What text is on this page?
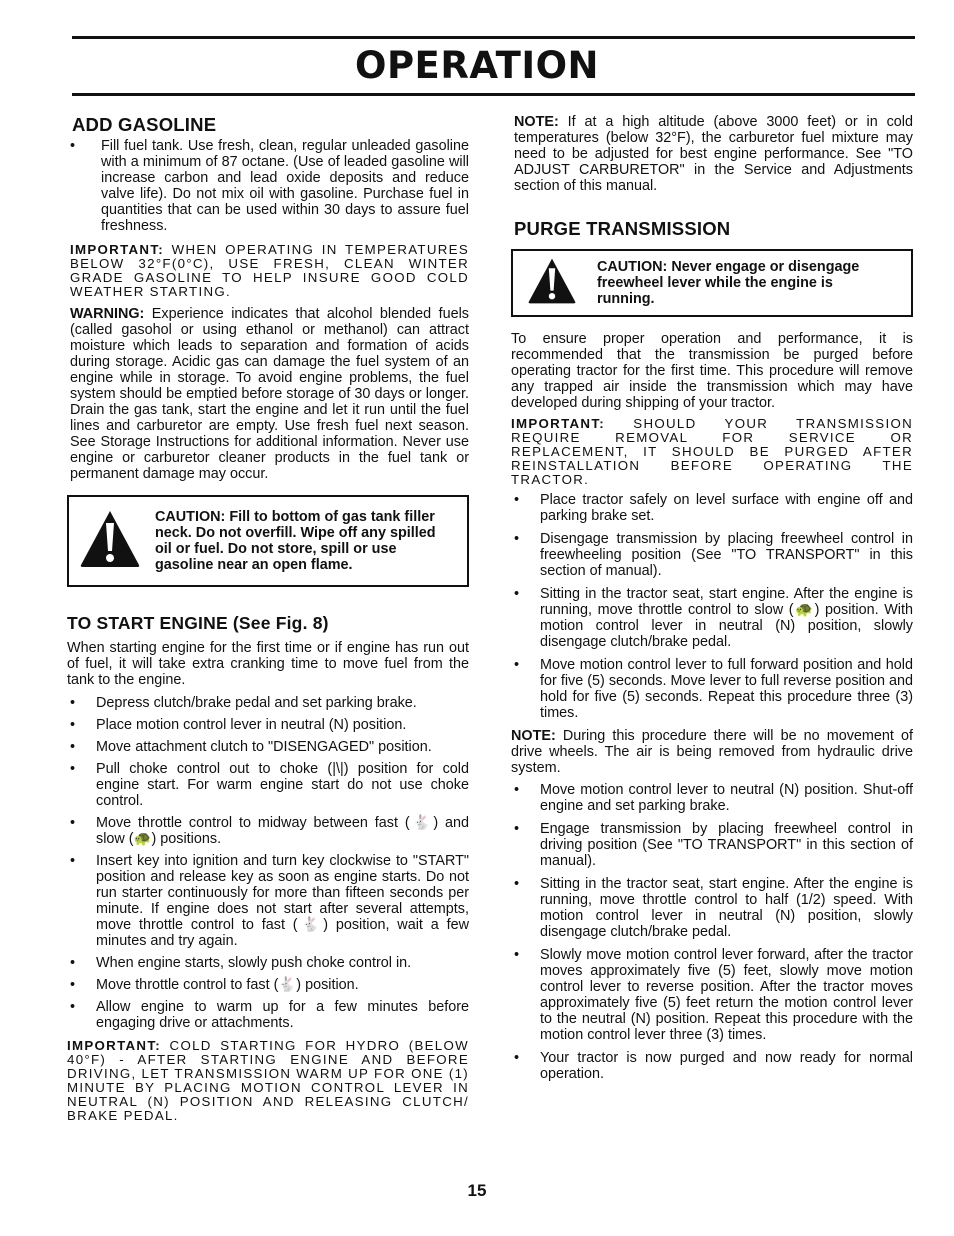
OPERATION
ADD GASOLINE
• Fill fuel tank. Use fresh, clean, regular unleaded gasoline with a minimum of 87 octane. (Use of leaded gasoline will increase carbon and lead oxide deposits and reduce valve life). Do not mix oil with gasoline. Purchase fuel in quantities that can be used within 30 days to assure fuel freshness.

IMPORTANT: WHEN OPERATING IN TEMPERATURES BELOW 32°F(0°C), USE FRESH, CLEAN WINTER GRADE GASOLINE TO HELP INSURE GOOD COLD WEATHER STARTING.

WARNING: Experience indicates that alcohol blended fuels (called gasohol or using ethanol or methanol) can attract moisture which leads to separation and formation of acids during storage. Acidic gas can damage the fuel system of an engine while in storage. To avoid engine problems, the fuel system should be emptied before storage of 30 days or longer. Drain the gas tank, start the engine and let it run until the fuel lines and carburetor are empty. Use fresh fuel next season. See Storage Instructions for additional information. Never use engine or carburetor cleaner products in the fuel tank or permanent damage may occur.

CAUTION: Fill to bottom of gas tank filler neck. Do not overfill. Wipe off any spilled oil or fuel. Do not store, spill or use gasoline near an open flame.
TO START ENGINE (See Fig. 8)

When starting engine for the first time or if engine has run out of fuel, it will take extra cranking time to move fuel from the tank to the engine.

• Depress clutch/brake pedal and set parking brake.
• Place motion control lever in neutral (N) position.
• Move attachment clutch to "DISENGAGED" position.
• Pull choke control out to choke (|\|) position for cold engine start. For warm engine start do not use choke control.
• Move throttle control to midway between fast (🐇) and slow (🐢) positions.
• Insert key into ignition and turn key clockwise to "START" position and release key as soon as engine starts. Do not run starter continuously for more than fifteen seconds per minute. If engine does not start after several attempts, move throttle control to fast (🐇) position, wait a few minutes and try again.
• When engine starts, slowly push choke control in.
• Move throttle control to fast (🐇) position.
• Allow engine to warm up for a few minutes before engaging drive or attachments.

IMPORTANT: COLD STARTING FOR HYDRO (BELOW 40°F) - AFTER STARTING ENGINE AND BEFORE DRIVING, LET TRANSMISSION WARM UP FOR ONE (1) MINUTE BY PLACING MOTION CONTROL LEVER IN NEUTRAL (N) POSITION AND RELEASING CLUTCH/ BRAKE PEDAL.

NOTE: If at a high altitude (above 3000 feet) or in cold temperatures (below 32°F), the carburetor fuel mixture may need to be adjusted for best engine performance. See "TO ADJUST CARBURETOR" in the Service and Adjustments section of this manual.

PURGE TRANSMISSION
CAUTION: Never engage or disengage freewheel lever while the engine is running.

To ensure proper operation and performance, it is recommended that the transmission be purged before operating tractor for the first time. This procedure will remove any trapped air inside the transmission which may have developed during shipping of your tractor.

IMPORTANT: SHOULD YOUR TRANSMISSION REQUIRE REMOVAL FOR SERVICE OR REPLACEMENT, IT SHOULD BE PURGED AFTER REINSTALLATION BEFORE OPERATING THE TRACTOR.

• Place tractor safely on level surface with engine off and parking brake set.
• Disengage transmission by placing freewheel control in freewheeling position (See "TO TRANSPORT" in this section of manual).
• Sitting in the tractor seat, start engine. After the engine is running, move throttle control to slow (🐢) position. With motion control lever in neutral (N) position, slowly disengage clutch/brake pedal.
• Move motion control lever to full forward position and hold for five (5) seconds. Move lever to full reverse position and hold for five (5) seconds. Repeat this procedure three (3) times.

NOTE: During this procedure there will be no movement of drive wheels. The air is being removed from hydraulic drive system.

• Move motion control lever to neutral (N) position. Shut-off engine and set parking brake.
• Engage transmission by placing freewheel control in driving position (See "TO TRANSPORT" in this section of manual).
• Sitting in the tractor seat, start engine. After the engine is running, move throttle control to half (1/2) speed. With motion control lever in neutral (N) position, slowly disengage clutch/brake pedal.
• Slowly move motion control lever forward, after the tractor moves approximately five (5) feet, slowly move motion control lever to reverse position. After the tractor moves approximately five (5) feet return the motion control lever to the neutral (N) position. Repeat this procedure with the motion control lever three (3) times.
• Your tractor is now purged and now ready for normal operation.
15
